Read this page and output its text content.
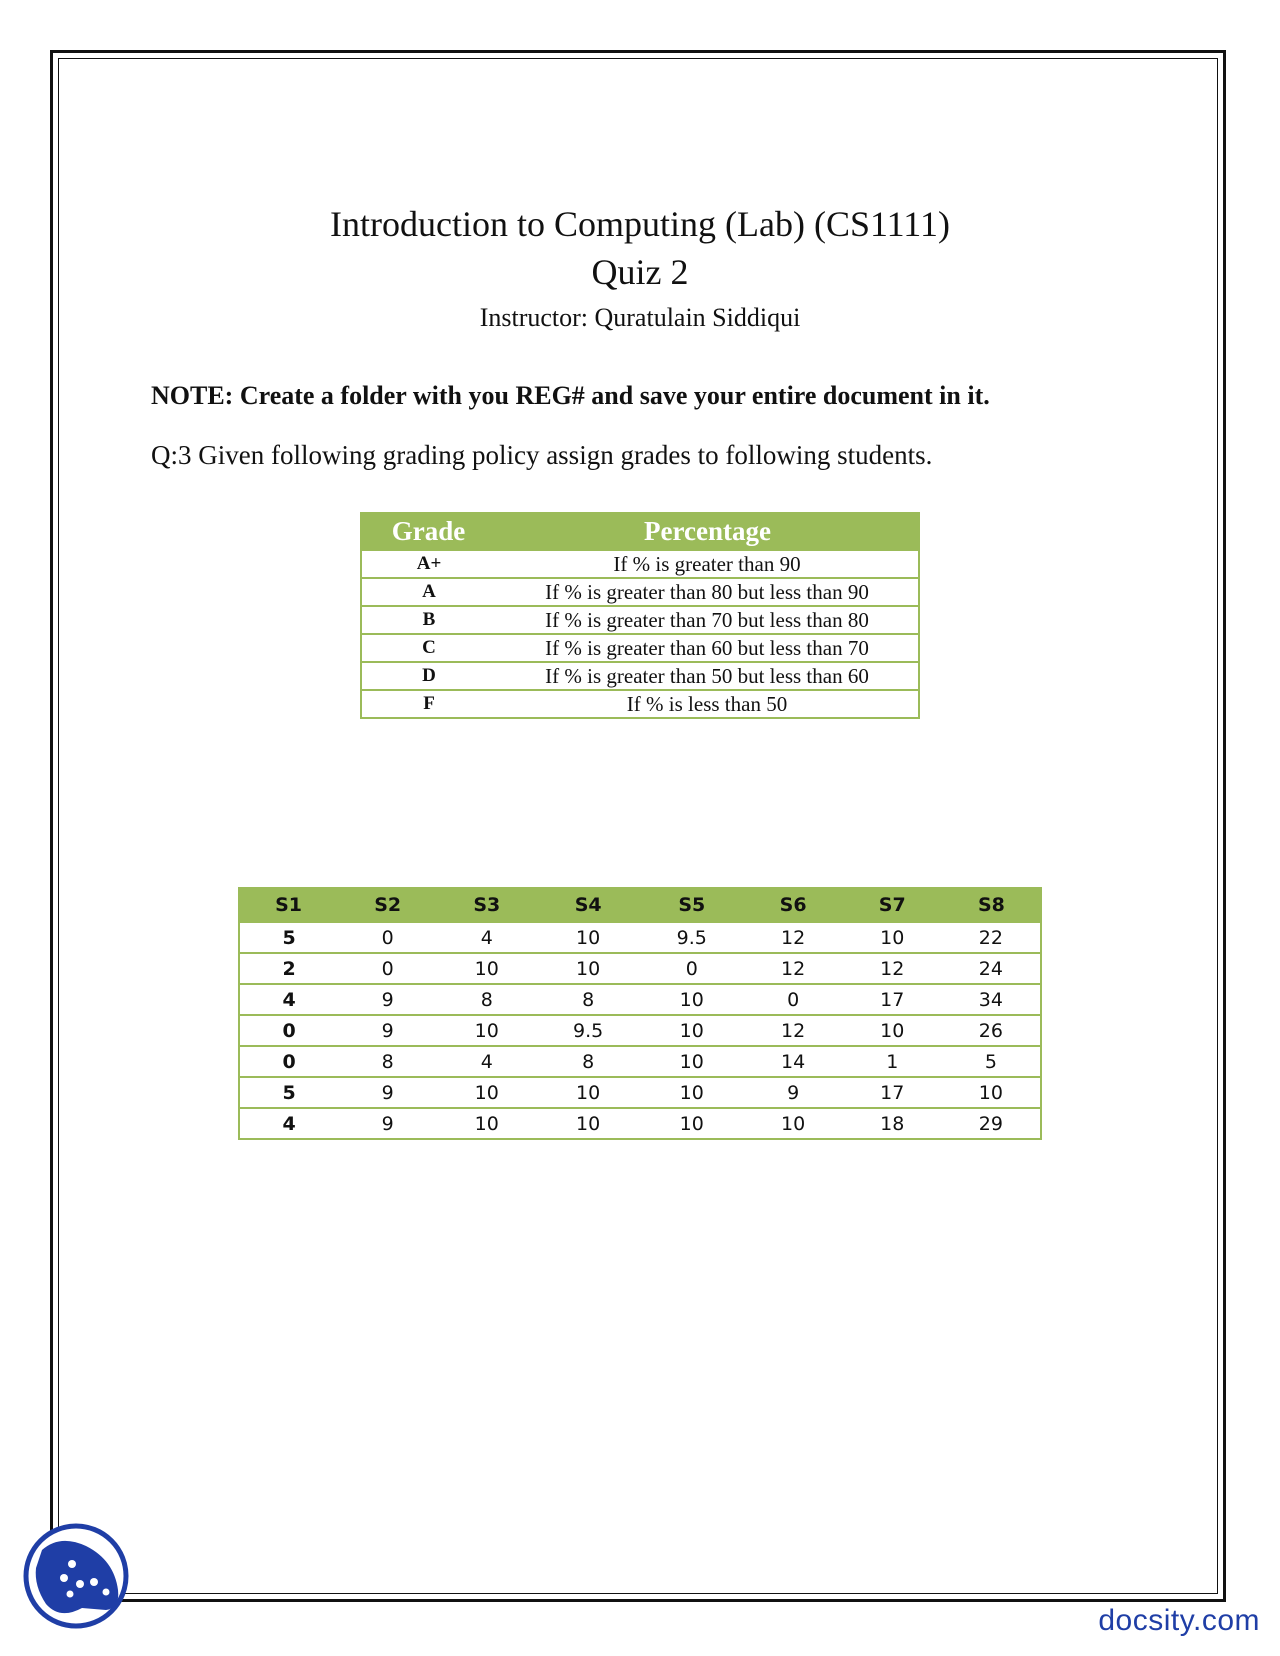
Introduction to Computing (Lab) (CS1111)
Quiz 2
Instructor: Quratulain Siddiqui
NOTE: Create a folder with you REG# and save your entire document in it.
Q:3 Given following grading policy assign grades to following students.
Grade	Percentage
A+	If % is greater than 90
A	If % is greater than 80 but less than 90
B	If % is greater than 70 but less than 80
C	If % is greater than 60 but less than 70
D	If % is greater than 50 but less than 60
F	If % is less than 50
S1	S2	S3	S4	S5	S6	S7	S8
5	0	4	10	9.5	12	10	22
2	0	10	10	0	12	12	24
4	9	8	8	10	0	17	34
0	9	10	9.5	10	12	10	26
0	8	4	8	10	14	1	5
5	9	10	10	10	9	17	10
4	9	10	10	10	10	18	29
docsity.com
